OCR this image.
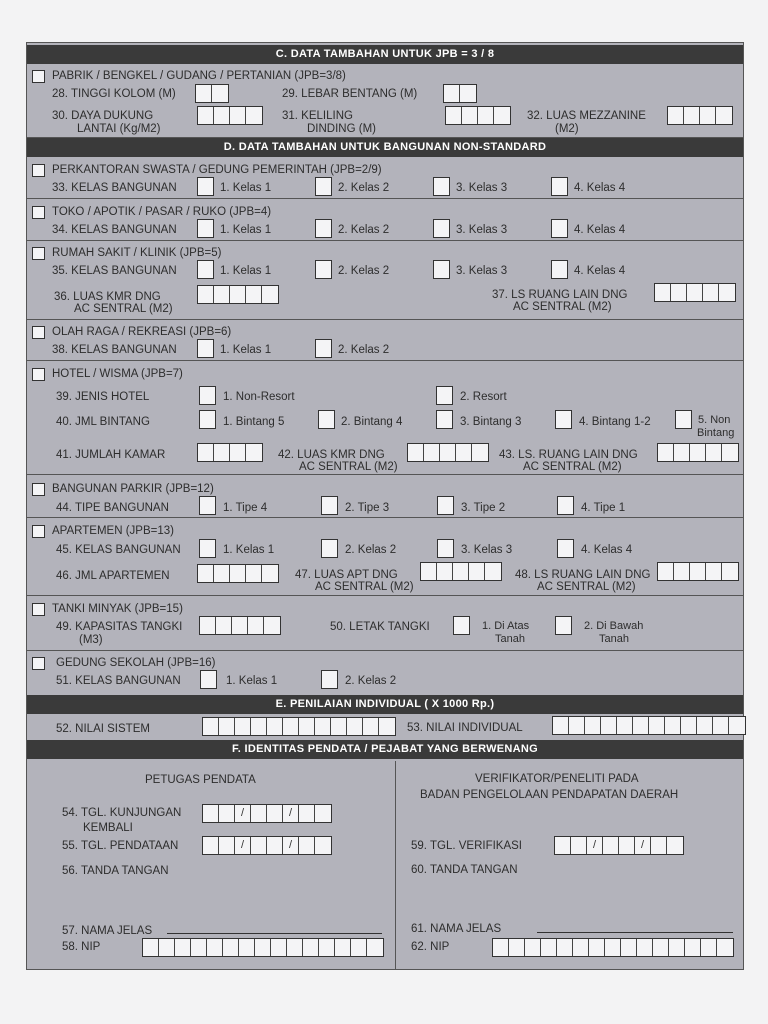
C. DATA TAMBAHAN UNTUK JPB = 3 / 8
PABRIK / BENGKEL / GUDANG / PERTANIAN (JPB=3/8)
28. TINGGI KOLOM (M)	29. LEBAR BENTANG (M)
30. DAYA DUKUNG
LANTAI (Kg/M2)
31. KELILING
DINDING (M)
32. LUAS MEZZANINE
(M2)
D. DATA TAMBAHAN UNTUK BANGUNAN NON-STANDARD
PERKANTORAN SWASTA / GEDUNG PEMERINTAH (JPB=2/9)
33. KELAS BANGUNAN	1. Kelas 1	2. Kelas 2	3. Kelas 3	4. Kelas 4
TOKO / APOTIK / PASAR / RUKO (JPB=4)
34. KELAS BANGUNAN	1. Kelas 1	2. Kelas 2	3. Kelas 3	4. Kelas 4
RUMAH SAKIT / KLINIK (JPB=5)
35. KELAS BANGUNAN	1. Kelas 1	2. Kelas 2	3. Kelas 3	4. Kelas 4
36. LUAS KMR DNG
AC SENTRAL (M2)
37. LS RUANG LAIN DNG
AC SENTRAL (M2)
OLAH RAGA / REKREASI (JPB=6)
38. KELAS BANGUNAN	1. Kelas 1	2. Kelas 2
HOTEL / WISMA (JPB=7)
39. JENIS HOTEL	1. Non-Resort	2. Resort
40. JML BINTANG	1. Bintang 5	2. Bintang 4	3. Bintang 3	4. Bintang 1-2	5. Non
Bintang
41. JUMLAH KAMAR	42. LUAS KMR DNG
AC SENTRAL (M2)
43. LS. RUANG LAIN DNG
AC SENTRAL (M2)
BANGUNAN PARKIR (JPB=12)
44. TIPE BANGUNAN	1. Tipe 4	2. Tipe 3	3. Tipe 2	4. Tipe 1
APARTEMEN (JPB=13)
45. KELAS BANGUNAN	1. Kelas 1	2. Kelas 2	3. Kelas 3	4. Kelas 4
46. JML APARTEMEN	47. LUAS APT DNG
AC SENTRAL (M2)
48. LS RUANG LAIN DNG
AC SENTRAL (M2)
TANKI MINYAK (JPB=15)
49. KAPASITAS TANGKI
(M3)
50. LETAK TANGKI	1. Di Atas
Tanah
2. Di Bawah
Tanah
GEDUNG SEKOLAH (JPB=16)
51. KELAS BANGUNAN	1. Kelas 1	2. Kelas 2
E. PENILAIAN INDIVIDUAL ( X 1000 Rp.)
52. NILAI SISTEM	53. NILAI INDIVIDUAL
F. IDENTITAS PENDATA / PEJABAT YANG BERWENANG
PETUGAS PENDATA
54. TGL. KUNJUNGAN
KEMBALI
/	/
55. TGL. PENDATAAN	/	/
56. TANDA TANGAN
57. NAMA JELAS
58. NIP
VERIFIKATOR/PENELITI PADA
BADAN PENGELOLAAN PENDAPATAN DAERAH
59. TGL. VERIFIKASI	/	/
60. TANDA TANGAN
61. NAMA JELAS
62. NIP
